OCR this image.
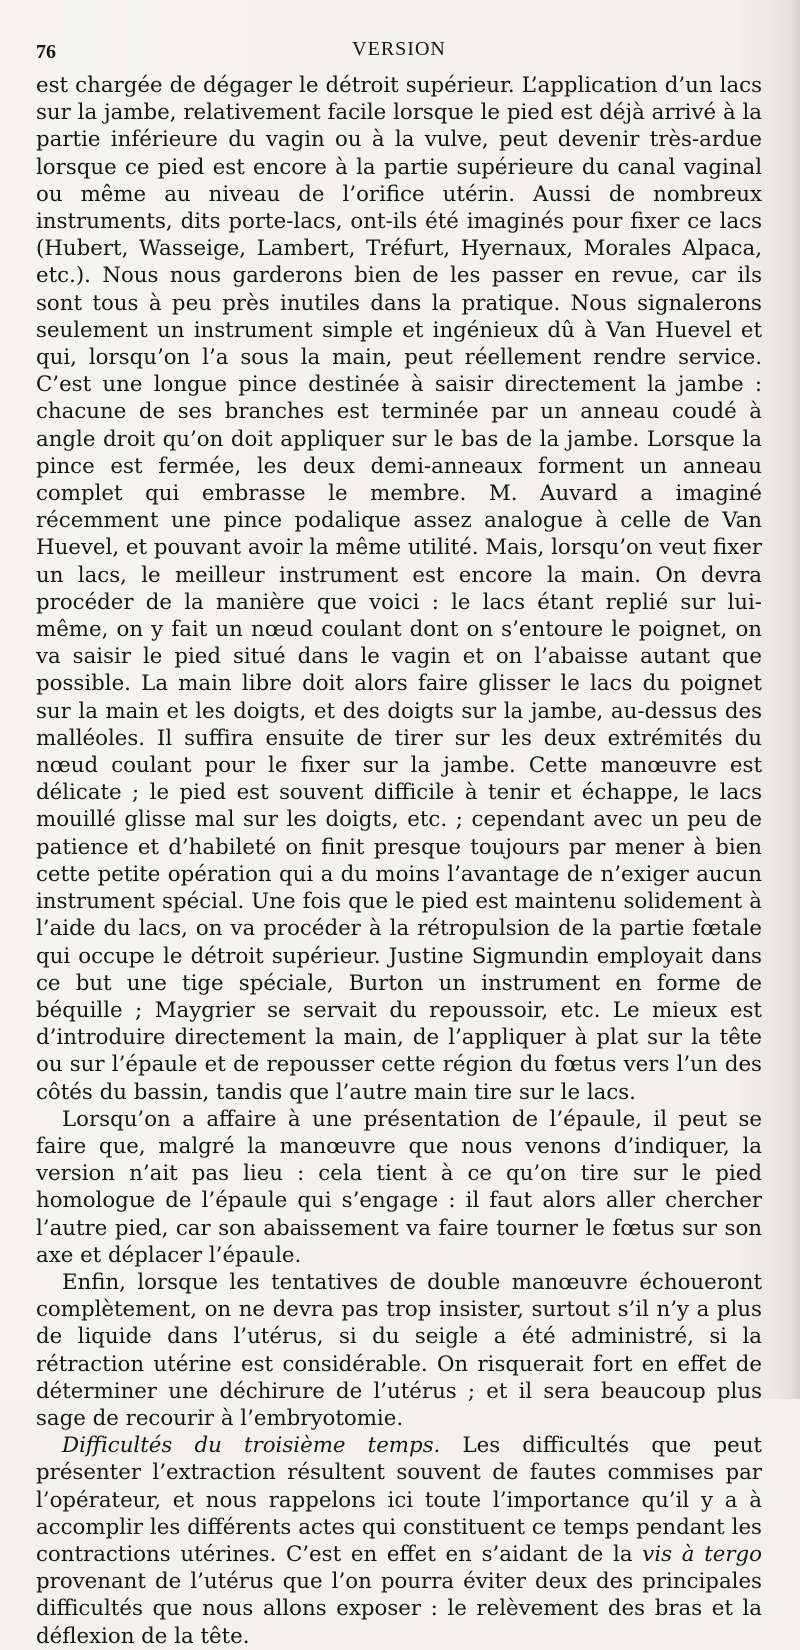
76	VERSION

est chargée de dégager le détroit supérieur. L’application d’un lacs sur la jambe, relativement facile lorsque le pied est déjà arrivé à la partie inférieure du vagin ou à la vulve, peut devenir très-ardue lorsque ce pied est encore à la partie supérieure du canal vaginal ou même au niveau de l’orifice utérin. Aussi de nombreux instruments, dits porte-lacs, ont-ils été imaginés pour fixer ce lacs (Hubert, Wasseige, Lambert, Tréfurt, Hyernaux, Morales Alpaca, etc.). Nous nous garderons bien de les passer en revue, car ils sont tous à peu près inutiles dans la pratique. Nous signalerons seulement un instrument simple et ingénieux dû à Van Huevel et qui, lorsqu’on l’a sous la main, peut réellement rendre service. C’est une longue pince destinée à saisir directement la jambe : chacune de ses branches est terminée par un anneau coudé à angle droit qu’on doit appliquer sur le bas de la jambe. Lorsque la pince est fermée, les deux demi-anneaux forment un anneau complet qui embrasse le membre. M. Auvard a imaginé récemment une pince podalique assez analogue à celle de Van Huevel, et pouvant avoir la même utilité. Mais, lorsqu’on veut fixer un lacs, le meilleur instrument est encore la main. On devra procéder de la manière que voici : le lacs étant replié sur lui-même, on y fait un nœud coulant dont on s’entoure le poignet, on va saisir le pied situé dans le vagin et on l’abaisse autant que possible. La main libre doit alors faire glisser le lacs du poignet sur la main et les doigts, et des doigts sur la jambe, au-dessus des malléoles. Il suffira ensuite de tirer sur les deux extrémités du nœud coulant pour le fixer sur la jambe. Cette manœuvre est délicate ; le pied est souvent difficile à tenir et échappe, le lacs mouillé glisse mal sur les doigts, etc. ; cependant avec un peu de patience et d’habileté on finit presque toujours par mener à bien cette petite opération qui a du moins l’avantage de n’exiger aucun instrument spécial. Une fois que le pied est maintenu solidement à l’aide du lacs, on va procéder à la rétropulsion de la partie fœtale qui occupe le détroit supérieur. Justine Sigmundin employait dans ce but une tige spéciale, Burton un instrument en forme de béquille ; Maygrier se servait du repoussoir, etc. Le mieux est d’introduire directement la main, de l’appliquer à plat sur la tête ou sur l’épaule et de repousser cette région du fœtus vers l’un des côtés du bassin, tandis que l’autre main tire sur le lacs.

Lorsqu’on a affaire à une présentation de l’épaule, il peut se faire que, malgré la manœuvre que nous venons d’indiquer, la version n’ait pas lieu : cela tient à ce qu’on tire sur le pied homologue de l’épaule qui s’engage : il faut alors aller chercher l’autre pied, car son abaissement va faire tourner le fœtus sur son axe et déplacer l’épaule.

Enfin, lorsque les tentatives de double manœuvre échoueront complètement, on ne devra pas trop insister, surtout s’il n’y a plus de liquide dans l’utérus, si du seigle a été administré, si la rétraction utérine est considérable. On risquerait fort en effet de déterminer une déchirure de l’utérus ; et il sera beaucoup plus sage de recourir à l’embryotomie.

Difficultés du troisième temps. Les difficultés que peut présenter l’extraction résultent souvent de fautes commises par l’opérateur, et nous rappelons ici toute l’importance qu’il y a à accomplir les différents actes qui constituent ce temps pendant les contractions utérines. C’est en effet en s’aidant de la vis à tergo provenant de l’utérus que l’on pourra éviter deux des principales difficultés que nous allons exposer : le relèvement des bras et la déflexion de la tête.
